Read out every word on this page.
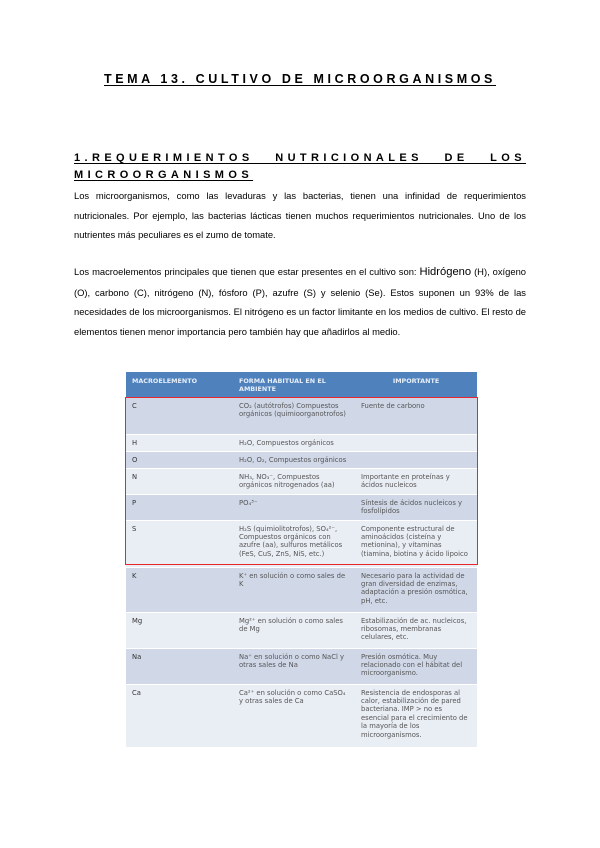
TEMA 13. CULTIVO DE MICROORGANISMOS
1.REQUERIMIENTOS NUTRICIONALES DE LOS MICROORGANISMOS

Los microorganismos, como las levaduras y las bacterias, tienen una infinidad de requerimientos nutricionales. Por ejemplo, las bacterias lácticas tienen muchos requerimientos nutricionales. Uno de los nutrientes más peculiares es el zumo de tomate.

Los macroelementos principales que tienen que estar presentes en el cultivo son: Hidrógeno (H), oxígeno (O), carbono (C), nitrógeno (N), fósforo (P), azufre (S) y selenio (Se). Estos suponen un 93% de las necesidades de los microorganismos. El nitrógeno es un factor limitante en los medios de cultivo. El resto de elementos tienen menor importancia pero también hay que añadirlos al medio.

MACROELEMENTO	FORMA HABITUAL EN EL AMBIENTE	IMPORTANTE
C	CO₂ (autótrofos) Compuestos orgánicos (quimioorganotrofos)	Fuente de carbono
H	H₂O, Compuestos orgánicos	
O	H₂O, O₂, Compuestos orgánicos	
N	NH₃, NO₃⁻, Compuestos orgánicos nitrogenados (aa)	Importante en proteínas y ácidos nucleicos
P	PO₄³⁻	Síntesis de ácidos nucleicos y fosfolípidos
S	H₂S (quimiolitotrofos), SO₄²⁻, Compuestos orgánicos con azufre (aa), sulfuros metálicos (FeS, CuS, ZnS, NiS, etc.)	Componente estructural de aminoácidos (cisteína y metionina), y vitaminas (tiamina, biotina y ácido lipoico
K	K⁺ en solución o como sales de K	Necesario para la actividad de gran diversidad de enzimas, adaptación a presión osmótica, pH, etc.
Mg	Mg²⁺ en solución o como sales de Mg	Estabilización de ac. nucleicos, ribosomas, membranas celulares, etc.
Na	Na⁺ en solución o como NaCl y otras sales de Na	Presión osmótica. Muy relacionado con el hábitat del microorganismo.
Ca	Ca²⁺ en solución o como CaSO₄ y otras sales de Ca	Resistencia de endosporas al calor, estabilización de pared bacteriana. IMP > no es esencial para el crecimiento de la mayoría de los microorganismos.
